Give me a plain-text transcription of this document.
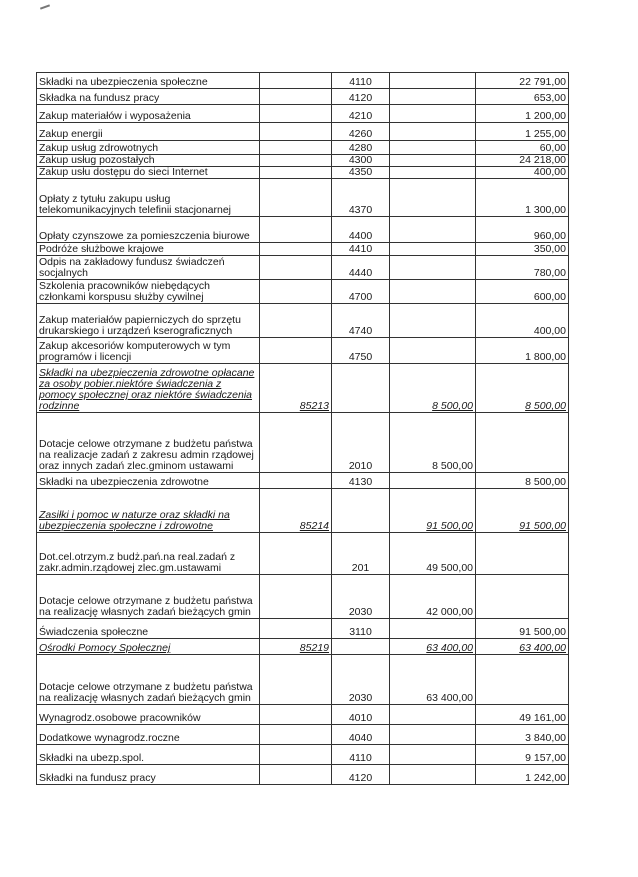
Składki na ubezpieczenia społeczne		4110		22 791,00
Składka na fundusz pracy		4120		653,00
Zakup materiałów i wyposażenia		4210		1 200,00
Zakup energii		4260		1 255,00
Zakup usług zdrowotnych		4280		60,00
Zakup usług pozostałych		4300		24 218,00
Zakup usłu dostępu do sieci Internet		4350		400,00
Opłaty z tytułu zakupu usług telekomunikacyjnych telefinii stacjonarnej		4370		1 300,00
Opłaty czynszowe za pomieszczenia biurowe		4400		960,00
Podróże służbowe krajowe		4410		350,00
Odpis na zakładowy fundusz świadczeń socjalnych		4440		780,00
Szkolenia pracowników niebędących członkami korspusu służby cywilnej		4700		600,00
Zakup materiałów papierniczych do sprzętu drukarskiego i urządzeń kserograficznych		4740		400,00
Zakup akcesoriów komputerowych w tym programów i licencji		4750		1 800,00
Składki na ubezpieczenia zdrowotne opłacane za osoby pobier.niektóre świadczenia z pomocy społecznej oraz niektóre świadczenia rodzinne	85213		8 500,00	8 500,00
Dotacje celowe otrzymane z budżetu państwa na realizacje zadań z zakresu admin rządowej oraz innych zadań zlec.gminom ustawami		2010	8 500,00	
Składki na ubezpieczenia zdrowotne		4130		8 500,00
Zasiłki i pomoc w naturze oraz składki na ubezpieczenia społeczne i zdrowotne	85214		91 500,00	91 500,00
Dot.cel.otrzym.z budż.pań.na real.zadań z zakr.admin.rządowej zlec.gm.ustawami		201	49 500,00	
Dotacje celowe otrzymane z budżetu państwa na realizację własnych zadań bieżących gmin		2030	42 000,00	
Świadczenia społeczne		3110		91 500,00
Ośrodki Pomocy Społecznej	85219		63 400,00	63 400,00
Dotacje celowe otrzymane z budżetu państwa na realizację własnych zadań bieżących gmin		2030	63 400,00	
Wynagrodz.osobowe pracowników		4010		49 161,00
Dodatkowe wynagrodz.roczne		4040		3 840,00
Składki na ubezp.spol.		4110		9 157,00
Składki na fundusz pracy		4120		1 242,00
